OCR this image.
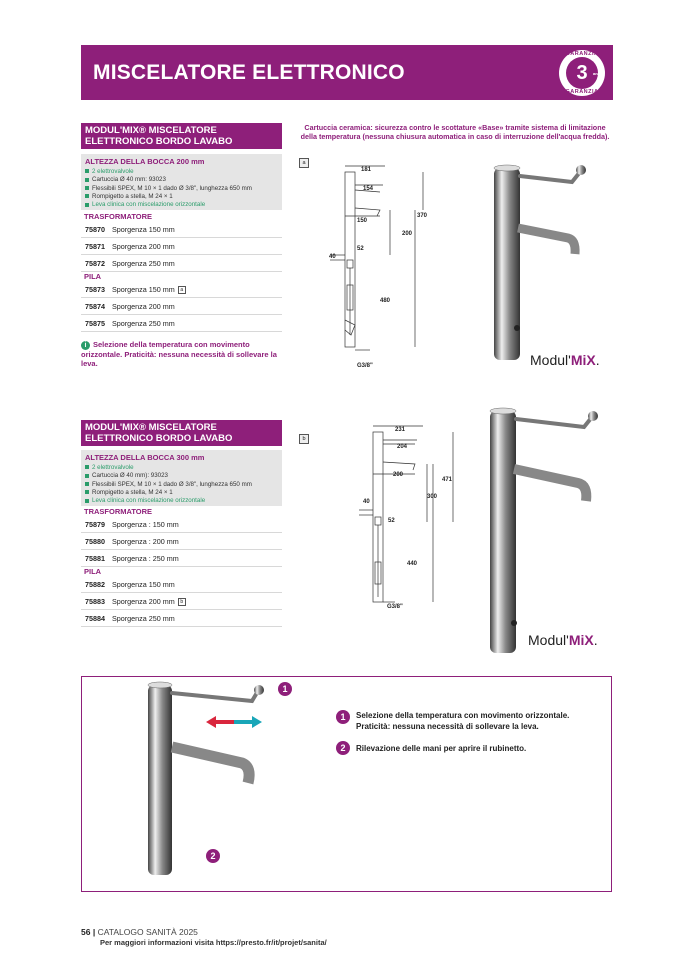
MISCELATORE ELETTRONICO
GARANZIA
3	anni
GARANZIA
Cartuccia ceramica: sicurezza contro le scottature «Base» tramite sistema di limitazione della temperatura (nessuna chiusura automatica in caso di interruzione dell'acqua fredda).
MODUL'MIX® MISCELATORE ELETTRONICO BORDO LAVABO
ALTEZZA DELLA BOCCA 200 mm
2 elettrovalvole
Cartuccia Ø 40 mm: 93023
Flessibili SPEX, M 10 × 1 dado Ø 3/8", lunghezza 650 mm
Rompigetto a stella, M 24 × 1
Leva clinica con miscelazione orizzontale
TRASFORMATORE
75870 Sporgenza 150 mm
75871 Sporgenza 200 mm
75872 Sporgenza 250 mm
PILA
75873 Sporgenza 150 mm a
75874 Sporgenza 200 mm
75875 Sporgenza 250 mm
i Selezione della temperatura con movimento orizzontale. Praticità: nessuna necessità di sollevare la leva.
a
181
154
150
370
200
52
40
480
G3/8"	Modul'MiX.
MODUL'MIX® MISCELATORE ELETTRONICO BORDO LAVABO
ALTEZZA DELLA BOCCA 300 mm
2 elettrovalvole
Cartuccia Ø 40 mm): 93023
Flessibili SPEX, M 10 × 1 dado Ø 3/8", lunghezza 650 mm
Rompigetto a stella, M 24 × 1
Leva clinica con miscelazione orizzontale
TRASFORMATORE
75879 Sporgenza : 150 mm
75880 Sporgenza : 200 mm
75881 Sporgenza : 250 mm
PILA
75882 Sporgenza 150 mm
75883 Sporgenza 200 mm b
75884 Sporgenza 250 mm
b
231
204
200
471
300
52
40
440
G3/8"
Modul'MiX.
1
2
1	Selezione della temperatura con movimento orizzontale.
Praticità: nessuna necessità di sollevare la leva.
2	Rilevazione delle mani per aprire il rubinetto.
56 | CATALOGO SANITÀ 2025
Per maggiori informazioni visita https://presto.fr/it/projet/sanita/
